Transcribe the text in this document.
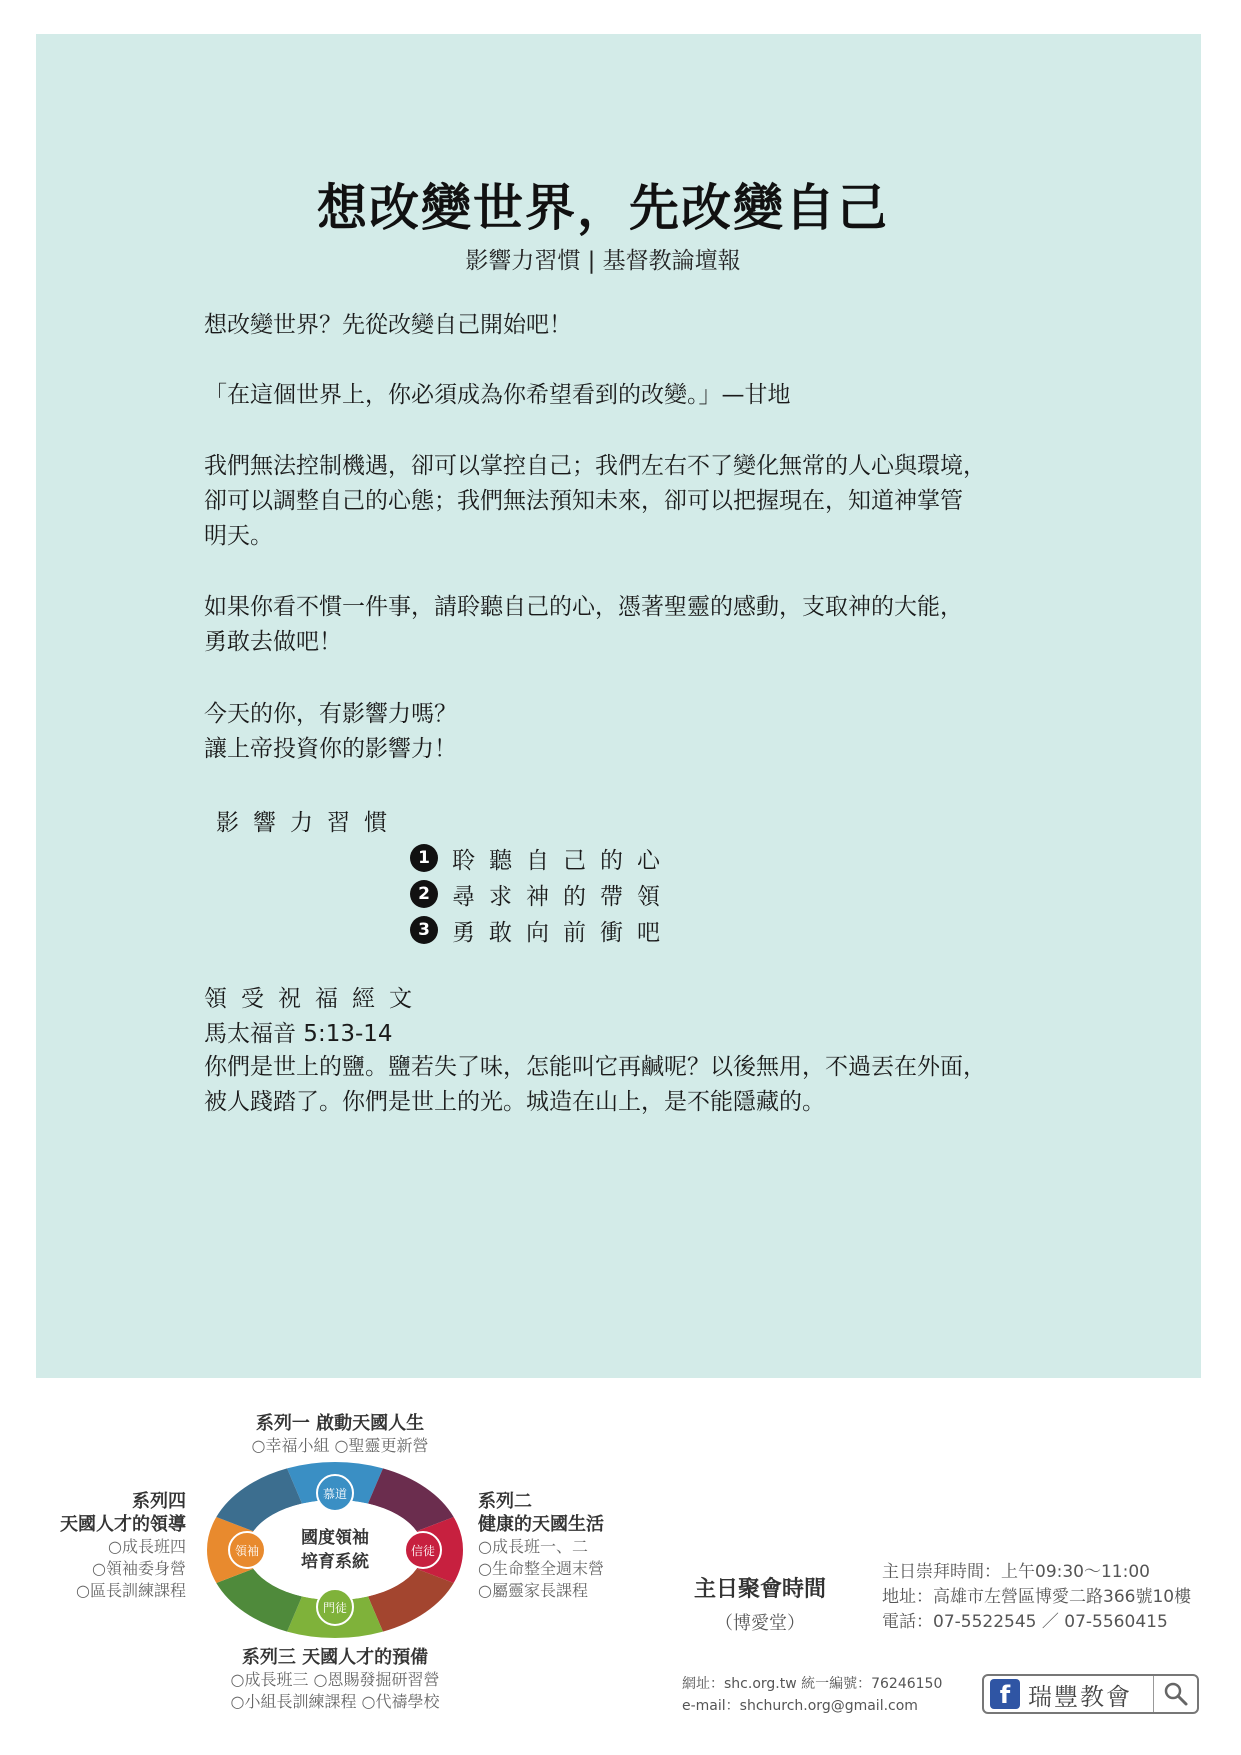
想改變世界，先改變自己
影響力習慣 | 基督教論壇報

想改變世界？先從改變自己開始吧！

「在這個世界上，你必須成為你希望看到的改變。」—甘地

我們無法控制機遇，卻可以掌控自己；我們左右不了變化無常的人心與環境，
卻可以調整自己的心態；我們無法預知未來，卻可以把握現在，知道神掌管
明天。

如果你看不慣一件事，請聆聽自己的心，憑著聖靈的感動，支取神的大能，
勇敢去做吧！

今天的你，有影響力嗎？
讓上帝投資你的影響力！

影響力習慣
1 聆聽自己的心
2 尋求神的帶領
3 勇敢向前衝吧
領受祝福經文
馬太福音 5:13-14

你們是世上的鹽。鹽若失了味，怎能叫它再鹹呢？以後無用，不過丟在外面，
被人踐踏了。你們是世上的光。城造在山上，是不能隱藏的。

國度領袖
培育系統
慕道
信徒
門徒
領袖
系列一 啟動天國人生
○幸福小組 ○聖靈更新營
系列二
健康的天國生活
○成長班一、二
○生命整全週末營
○屬靈家長課程
系列三 天國人才的預備
○成長班三 ○恩賜發掘研習營
○小組長訓練課程 ○代禱學校
系列四
天國人才的領導
○成長班四
○領袖委身營
○區長訓練課程	主日聚會時間
（博愛堂）
主日崇拜時間：上午09:30～11:00
地址：高雄市左營區博愛二路366號10樓
電話：07-5522545 ／ 07-5560415
網址：shc.org.tw 統一編號：76246150
e-mail：shchurch.org@gmail.com	f 瑞豐教會
